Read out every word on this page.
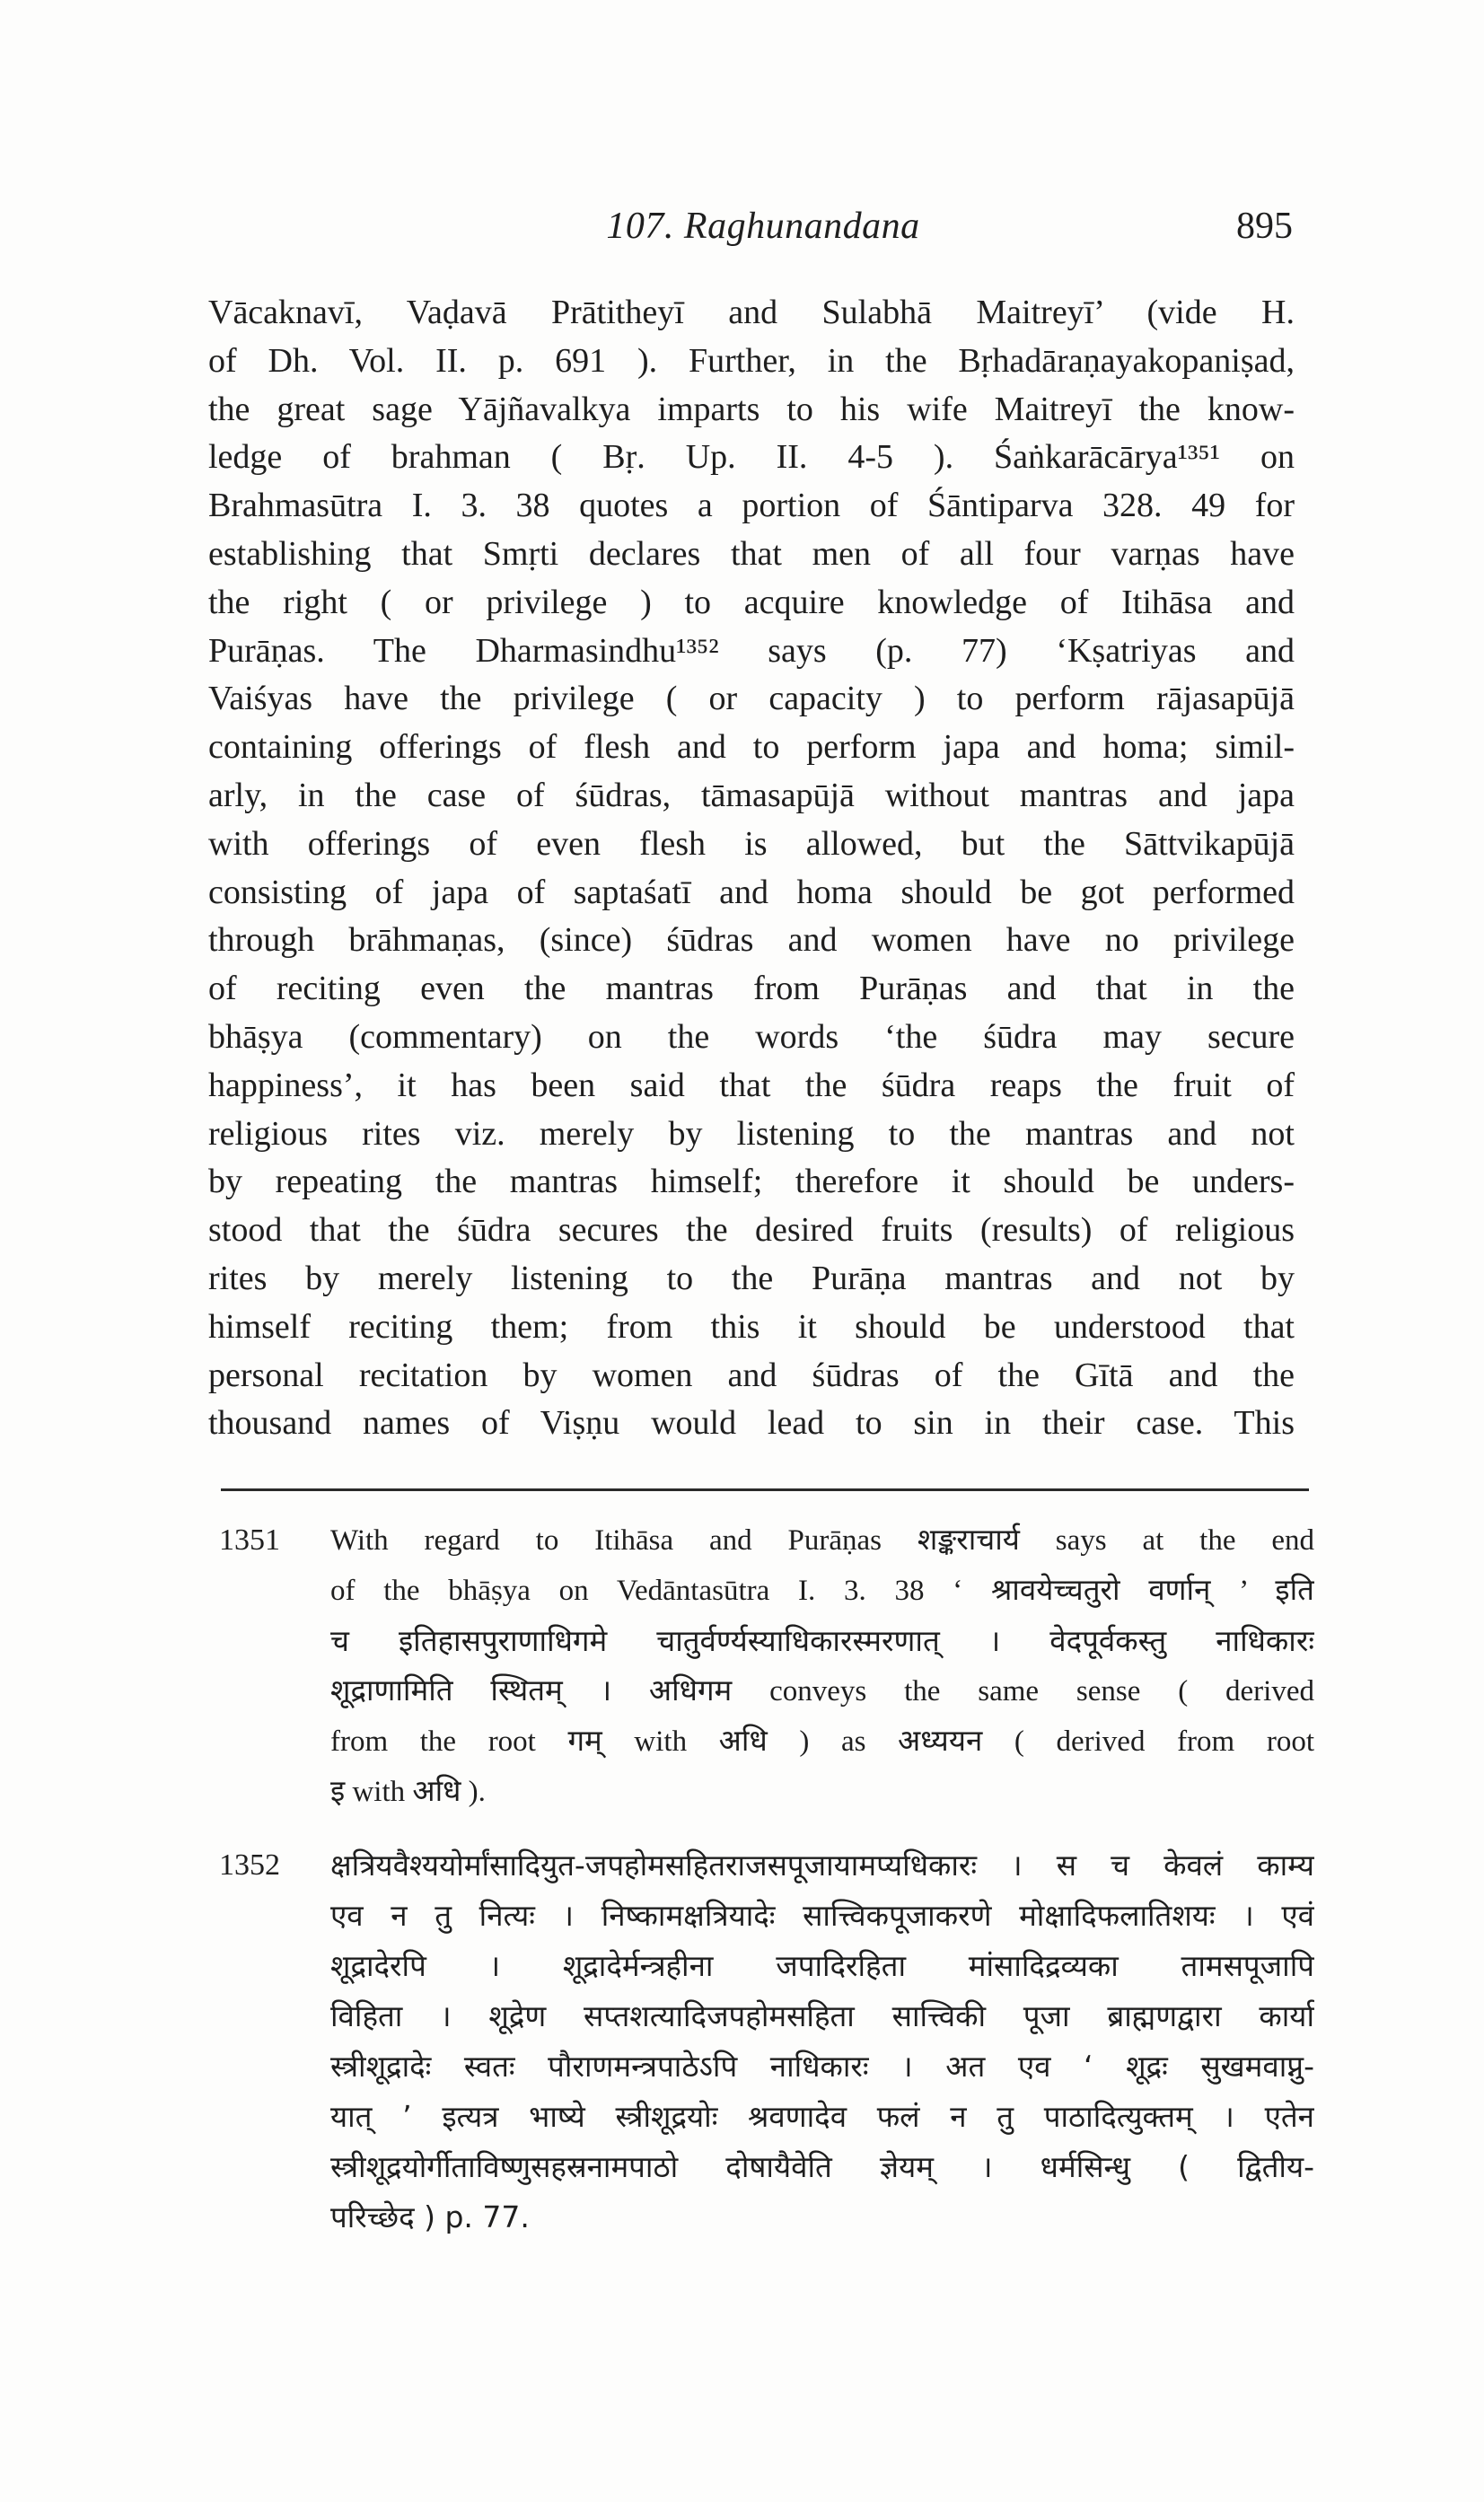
107. Raghunandana	895
Vācaknavī, Vaḍavā Prātitheyī and Sulabhā Maitreyī’ (vide H.
of Dh. Vol. II. p. 691 ). Further, in the Bṛhadāraṇayakopaniṣad,
the great sage Yājñavalkya imparts to his wife Maitreyī the know-
ledge of brahman ( Bṛ. Up. II. 4-5 ). Śaṅkarācārya¹³⁵¹ on
Brahmasūtra I. 3. 38 quotes a portion of Śāntiparva 328. 49 for
establishing that Smṛti declares that men of all four varṇas have
the right ( or privilege ) to acquire knowledge of Itihāsa and
Purāṇas. The Dharmasindhu¹³⁵² says (p. 77) ‘Kṣatriyas and
Vaiśyas have the privilege ( or capacity ) to perform rājasapūjā
containing offerings of flesh and to perform japa and homa; simil-
arly, in the case of śūdras, tāmasapūjā without mantras and japa
with offerings of even flesh is allowed, but the Sāttvikapūjā
consisting of japa of saptaśatī and homa should be got performed
through brāhmaṇas, (since) śūdras and women have no privilege
of reciting even the mantras from Purāṇas and that in the
bhāṣya (commentary) on the words ‘the śūdra may secure
happiness’, it has been said that the śūdra reaps the fruit of
religious rites viz. merely by listening to the mantras and not
by repeating the mantras himself; therefore it should be unders-
stood that the śūdra secures the desired fruits (results) of religious
rites by merely listening to the Purāṇa mantras and not by
himself reciting them; from this it should be understood that
personal recitation by women and śūdras of the Gītā and the
thousand names of Viṣṇu would lead to sin in their case. This
1351 With regard to Itihāsa and Purāṇas शङ्कराचार्य says at the end
of the bhāṣya on Vedāntasūtra I. 3. 38 ‘ श्रावयेच्चतुरो वर्णान् ’ इति
च इतिहासपुराणाधिगमे चातुर्वर्ण्यस्याधिकारस्मरणात् । वेदपूर्वकस्तु नाधिकारः
शूद्राणामिति स्थितम् । अधिगम conveys the same sense ( derived
from the root गम् with अधि ) as अध्ययन ( derived from root
इ with अधि ).
1352 क्षत्रियवैश्ययोर्मांसादियुत-जपहोमसहितराजसपूजायामप्यधिकारः । स च केवलं काम्य
एव न तु नित्यः । निष्कामक्षत्रियादेः सात्त्विकपूजाकरणे मोक्षादिफलातिशयः । एवं
शूद्रादेरपि । शूद्रादेर्मन्त्रहीना जपादिरहिता मांसादिद्रव्यका तामसपूजापि
विहिता । शूद्रेण सप्तशत्यादिजपहोमसहिता सात्त्विकी पूजा ब्राह्मणद्वारा कार्या
स्त्रीशूद्रादेः स्वतः पौराणमन्त्रपाठेऽपि नाधिकारः । अत एव ‘ शूद्रः सुखमवाप्नु-
यात् ’ इत्यत्र भाष्ये स्त्रीशूद्रयोः श्रवणादेव फलं न तु पाठादित्युक्तम् । एतेन
स्त्रीशूद्रयोर्गीताविष्णुसहस्रनामपाठो दोषायैवेति ज्ञेयम् । धर्मसिन्धु ( द्वितीय-
परिच्छेद ) p. 77.
